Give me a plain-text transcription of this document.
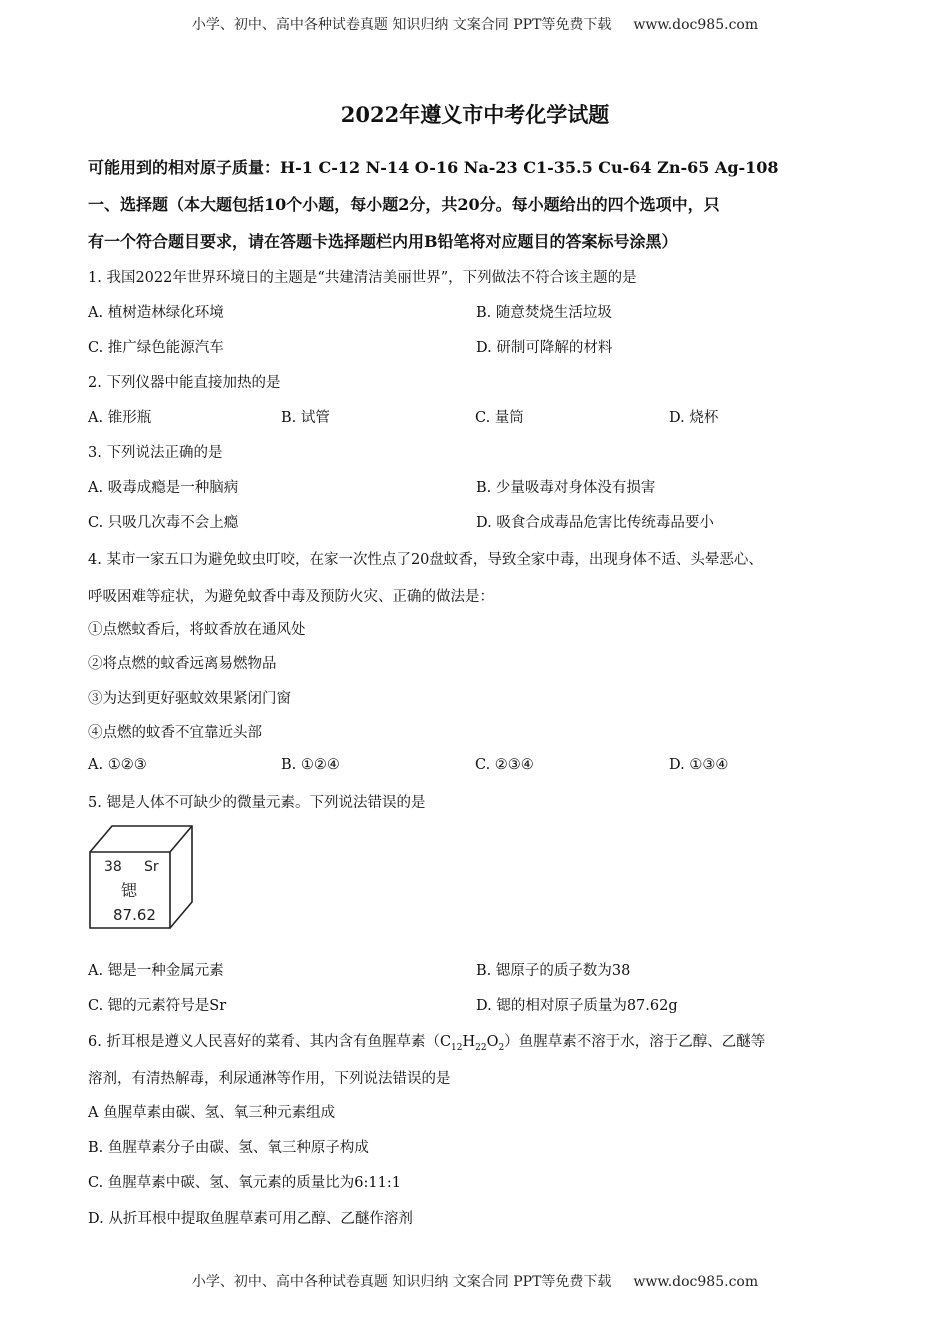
小学、初中、高中各种试卷真题 知识归纳 文案合同 PPT等免费下载 www.doc985.com
2022年遵义市中考化学试题
可能用到的相对原子质量：H-1 C-12 N-14 O-16 Na-23 C1-35.5 Cu-64 Zn-65 Ag-108
一、选择题（本大题包括10个小题，每小题2分，共20分。每小题给出的四个选项中，只
有一个符合题目要求，请在答题卡选择题栏内用B铅笔将对应题目的答案标号涂黑）
1. 我国2022年世界环境日的主题是“共建清洁美丽世界”，下列做法不符合该主题的是
A. 植树造林绿化环境	B. 随意焚烧生活垃圾
C. 推广绿色能源汽车	D. 研制可降解的材料
2. 下列仪器中能直接加热的是
A. 锥形瓶	B. 试管	C. 量筒	D. 烧杯
3. 下列说法正确的是
A. 吸毒成瘾是一种脑病	B. 少量吸毒对身体没有损害
C. 只吸几次毒不会上瘾	D. 吸食合成毒品危害比传统毒品要小
4. 某市一家五口为避免蚊虫叮咬，在家一次性点了20盘蚊香，导致全家中毒，出现身体不适、头晕恶心、
呼吸困难等症状，为避免蚊香中毒及预防火灾、正确的做法是：
①点燃蚊香后，将蚊香放在通风处
②将点燃的蚊香远离易燃物品
③为达到更好驱蚊效果紧闭门窗
④点燃的蚊香不宜靠近头部
A. ①②③	B. ①②④	C. ②③④	D. ①③④
5. 锶是人体不可缺少的微量元素。下列说法错误的是
38 Sr
锶
87.62
A. 锶是一种金属元素	B. 锶原子的质子数为38
C. 锶的元素符号是Sr	D. 锶的相对原子质量为87.62g
6. 折耳根是遵义人民喜好的菜肴、其内含有鱼腥草素$(C_{12}H_{22}O_2)$鱼腥草素不溶于水，溶于乙醇、乙醚等
溶剂，有清热解毒，利尿通淋等作用，下列说法错误的是
A 鱼腥草素由碳、氢、氧三种元素组成
B. 鱼腥草素分子由碳、氢、氧三种原子构成
C. 鱼腥草素中碳、氢、氧元素的质量比为6:11:1
D. 从折耳根中提取鱼腥草素可用乙醇、乙醚作溶剂
小学、初中、高中各种试卷真题 知识归纳 文案合同 PPT等免费下载 www.doc985.com
